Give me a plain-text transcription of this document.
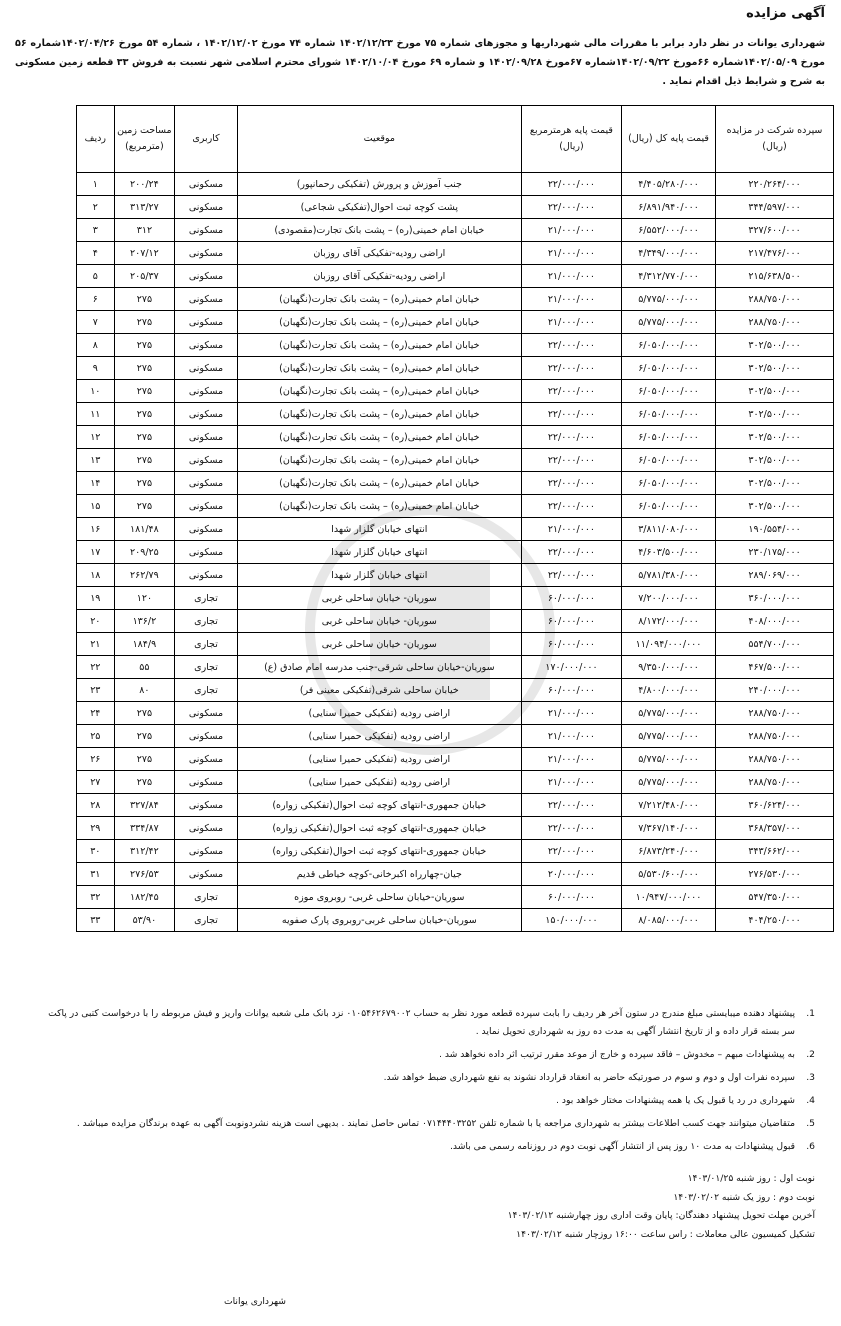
آگهی مزایده
شهرداری یوانات در نظر دارد برابر با مقررات مالی شهرداریها و مجوزهای شماره ۷۵ مورخ ۱۴۰۲/۱۲/۲۳ شماره ۷۴ مورخ ۱۴۰۲/۱۲/۰۲ ، شماره ۵۴ مورخ ۱۴۰۲/۰۴/۲۶شماره ۵۶ مورخ ۱۴۰۲/۰۵/۰۹شماره ۶۶مورخ ۱۴۰۲/۰۹/۲۲شماره ۶۷مورخ ۱۴۰۲/۰۹/۲۸ و شماره ۶۹ مورخ ۱۴۰۲/۱۰/۰۴ شورای محترم اسلامی شهر نسبت به فروش ۳۳ قطعه زمین مسکونی به شرح و شرایط ذیل اقدام نماید .
سپرده شرکت در مزایده (ریال)	قیمت پایه کل (ریال)	قیمت پایه هرمترمربع (ریال)	موقعیت	کاربری	مساحت زمین (مترمربع)	ردیف
۲۲۰/۲۶۴/۰۰۰	۴/۴۰۵/۲۸۰/۰۰۰	۲۲/۰۰۰/۰۰۰	جنب آموزش و پرورش (تفکیکی رحمانپور)	مسکونی	۲۰۰/۲۴	۱
۳۴۴/۵۹۷/۰۰۰	۶/۸۹۱/۹۴۰/۰۰۰	۲۲/۰۰۰/۰۰۰	پشت کوچه ثبت احوال(تفکیکی شجاعی)	مسکونی	۳۱۳/۲۷	۲
۳۲۷/۶۰۰/۰۰۰	۶/۵۵۲/۰۰۰/۰۰۰	۲۱/۰۰۰/۰۰۰	خیابان امام خمینی(ره) – پشت بانک تجارت(مقصودی)	مسکونی	۳۱۲	۳
۲۱۷/۴۷۶/۰۰۰	۴/۳۴۹/۰۰۰/۰۰۰	۲۱/۰۰۰/۰۰۰	اراضی رودیه-تفکیکی آقای روزبان	مسکونی	۲۰۷/۱۲	۴
۲۱۵/۶۳۸/۵۰۰	۴/۳۱۲/۷۷۰/۰۰۰	۲۱/۰۰۰/۰۰۰	اراضی رودیه-تفکیکی آقای روزبان	مسکونی	۲۰۵/۳۷	۵
۲۸۸/۷۵۰/۰۰۰	۵/۷۷۵/۰۰۰/۰۰۰	۲۱/۰۰۰/۰۰۰	خیابان امام خمینی(ره) – پشت بانک تجارت(نگهبان)	مسکونی	۲۷۵	۶
۲۸۸/۷۵۰/۰۰۰	۵/۷۷۵/۰۰۰/۰۰۰	۲۱/۰۰۰/۰۰۰	خیابان امام خمینی(ره) – پشت بانک تجارت(نگهبان)	مسکونی	۲۷۵	۷
۳۰۲/۵۰۰/۰۰۰	۶/۰۵۰/۰۰۰/۰۰۰	۲۲/۰۰۰/۰۰۰	خیابان امام خمینی(ره) – پشت بانک تجارت(نگهبان)	مسکونی	۲۷۵	۸
۳۰۲/۵۰۰/۰۰۰	۶/۰۵۰/۰۰۰/۰۰۰	۲۲/۰۰۰/۰۰۰	خیابان امام خمینی(ره) – پشت بانک تجارت(نگهبان)	مسکونی	۲۷۵	۹
۳۰۲/۵۰۰/۰۰۰	۶/۰۵۰/۰۰۰/۰۰۰	۲۲/۰۰۰/۰۰۰	خیابان امام خمینی(ره) – پشت بانک تجارت(نگهبان)	مسکونی	۲۷۵	۱۰
۳۰۲/۵۰۰/۰۰۰	۶/۰۵۰/۰۰۰/۰۰۰	۲۲/۰۰۰/۰۰۰	خیابان امام خمینی(ره) – پشت بانک تجارت(نگهبان)	مسکونی	۲۷۵	۱۱
۳۰۲/۵۰۰/۰۰۰	۶/۰۵۰/۰۰۰/۰۰۰	۲۲/۰۰۰/۰۰۰	خیابان امام خمینی(ره) – پشت بانک تجارت(نگهبان)	مسکونی	۲۷۵	۱۲
۳۰۲/۵۰۰/۰۰۰	۶/۰۵۰/۰۰۰/۰۰۰	۲۲/۰۰۰/۰۰۰	خیابان امام خمینی(ره) – پشت بانک تجارت(نگهبان)	مسکونی	۲۷۵	۱۳
۳۰۲/۵۰۰/۰۰۰	۶/۰۵۰/۰۰۰/۰۰۰	۲۲/۰۰۰/۰۰۰	خیابان امام خمینی(ره) – پشت بانک تجارت(نگهبان)	مسکونی	۲۷۵	۱۴
۳۰۲/۵۰۰/۰۰۰	۶/۰۵۰/۰۰۰/۰۰۰	۲۲/۰۰۰/۰۰۰	خیابان امام خمینی(ره) – پشت بانک تجارت(نگهبان)	مسکونی	۲۷۵	۱۵
۱۹۰/۵۵۴/۰۰۰	۳/۸۱۱/۰۸۰/۰۰۰	۲۱/۰۰۰/۰۰۰	انتهای خیابان گلزار شهدا	مسکونی	۱۸۱/۴۸	۱۶
۲۳۰/۱۷۵/۰۰۰	۴/۶۰۳/۵۰۰/۰۰۰	۲۲/۰۰۰/۰۰۰	انتهای خیابان گلزار شهدا	مسکونی	۲۰۹/۲۵	۱۷
۲۸۹/۰۶۹/۰۰۰	۵/۷۸۱/۳۸۰/۰۰۰	۲۲/۰۰۰/۰۰۰	انتهای خیابان گلزار شهدا	مسکونی	۲۶۲/۷۹	۱۸
۳۶۰/۰۰۰/۰۰۰	۷/۲۰۰/۰۰۰/۰۰۰	۶۰/۰۰۰/۰۰۰	سوریان- خیابان ساحلی غربی	تجاری	۱۲۰	۱۹
۴۰۸/۰۰۰/۰۰۰	۸/۱۷۲/۰۰۰/۰۰۰	۶۰/۰۰۰/۰۰۰	سوریان- خیابان ساحلی غربی	تجاری	۱۳۶/۲	۲۰
۵۵۴/۷۰۰/۰۰۰	۱۱/۰۹۴/۰۰۰/۰۰۰	۶۰/۰۰۰/۰۰۰	سوریان- خیابان ساحلی غربی	تجاری	۱۸۴/۹	۲۱
۴۶۷/۵۰۰/۰۰۰	۹/۳۵۰/۰۰۰/۰۰۰	۱۷۰/۰۰۰/۰۰۰	سوریان-خیابان ساحلی شرقی-جنب مدرسه امام صادق (ع)	تجاری	۵۵	۲۲
۲۴۰/۰۰۰/۰۰۰	۴/۸۰۰/۰۰۰/۰۰۰	۶۰/۰۰۰/۰۰۰	خیابان ساحلی شرقی(تفکیکی معینی فر)	تجاری	۸۰	۲۳
۲۸۸/۷۵۰/۰۰۰	۵/۷۷۵/۰۰۰/۰۰۰	۲۱/۰۰۰/۰۰۰	اراضی رودیه (تفکیکی حمیرا سنایی)	مسکونی	۲۷۵	۲۴
۲۸۸/۷۵۰/۰۰۰	۵/۷۷۵/۰۰۰/۰۰۰	۲۱/۰۰۰/۰۰۰	اراضی رودیه (تفکیکی حمیرا سنایی)	مسکونی	۲۷۵	۲۵
۲۸۸/۷۵۰/۰۰۰	۵/۷۷۵/۰۰۰/۰۰۰	۲۱/۰۰۰/۰۰۰	اراضی رودیه (تفکیکی حمیرا سنایی)	مسکونی	۲۷۵	۲۶
۲۸۸/۷۵۰/۰۰۰	۵/۷۷۵/۰۰۰/۰۰۰	۲۱/۰۰۰/۰۰۰	اراضی رودیه (تفکیکی حمیرا سنایی)	مسکونی	۲۷۵	۲۷
۳۶۰/۶۲۴/۰۰۰	۷/۲۱۲/۴۸۰/۰۰۰	۲۲/۰۰۰/۰۰۰	خیابان جمهوری-انتهای کوچه ثبت احوال(تفکیکی زواره)	مسکونی	۳۲۷/۸۴	۲۸
۳۶۸/۳۵۷/۰۰۰	۷/۳۶۷/۱۴۰/۰۰۰	۲۲/۰۰۰/۰۰۰	خیابان جمهوری-انتهای کوچه ثبت احوال(تفکیکی زواره)	مسکونی	۳۳۴/۸۷	۲۹
۳۴۳/۶۶۲/۰۰۰	۶/۸۷۳/۲۴۰/۰۰۰	۲۲/۰۰۰/۰۰۰	خیابان جمهوری-انتهای کوچه ثبت احوال(تفکیکی زواره)	مسکونی	۳۱۲/۴۲	۳۰
۲۷۶/۵۳۰/۰۰۰	۵/۵۳۰/۶۰۰/۰۰۰	۲۰/۰۰۰/۰۰۰	جیان-چهارراه اکبرخانی-کوچه خیاطی قدیم	مسکونی	۲۷۶/۵۳	۳۱
۵۴۷/۳۵۰/۰۰۰	۱۰/۹۴۷/۰۰۰/۰۰۰	۶۰/۰۰۰/۰۰۰	سوریان-خیابان ساحلی غربی- روبروی موزه	تجاری	۱۸۲/۴۵	۳۲
۴۰۴/۲۵۰/۰۰۰	۸/۰۸۵/۰۰۰/۰۰۰	۱۵۰/۰۰۰/۰۰۰	سوریان-خیابان ساحلی غربی-روبروی پارک صفویه	تجاری	۵۳/۹۰	۳۳
1.
پیشنهاد دهنده میبایستی مبلغ مندرج در ستون آخر هر ردیف را بابت سپرده قطعه مورد نظر به حساب ۰۱۰۵۴۶۲۶۷۹۰۰۲ نزد بانک ملی شعبه یوانات واریز و فیش مربوطه را با درخواست کتبی در پاکت سر بسته قرار داده و از تاریخ انتشار آگهی به مدت ده روز به شهرداری تحویل نماید .
2.
به پیشنهادات مبهم – مخدوش – فاقد سپرده و خارج از موعد مقرر ترتیب اثر داده نخواهد شد .
3.
سپرده نفرات اول و دوم و سوم در صورتیکه حاضر به انعقاد قرارداد نشوند به نفع شهرداری ضبط خواهد شد.
4.
شهرداری در رد یا قبول یک یا همه پیشنهادات مختار خواهد بود .
5.
متقاضیان میتوانند جهت کسب اطلاعات بیشتر به شهرداری مراجعه یا با شماره تلفن ۰۷۱۴۴۴۰۳۲۵۲ تماس حاصل نمایند . بدیهی است هزینه نشردونوبت آگهی به عهده برندگان مزایده میباشد .
6.
قبول پیشنهادات به مدت ۱۰ روز پس از انتشار آگهی نوبت دوم در روزنامه رسمی می باشد.
نوبت اول : روز شنبه ۱۴۰۳/۰۱/۲۵
نوبت دوم : روز یک شنبه ۱۴۰۳/۰۲/۰۲
آخرین مهلت تحویل پیشنهاد دهندگان: پایان وقت اداری روز چهارشنبه ۱۴۰۳/۰۲/۱۲
تشکیل کمیسیون عالی معاملات : راس ساعت ۱۶:۰۰ روزچار شنبه ۱۴۰۳/۰۲/۱۲
شهرداری یوانات
